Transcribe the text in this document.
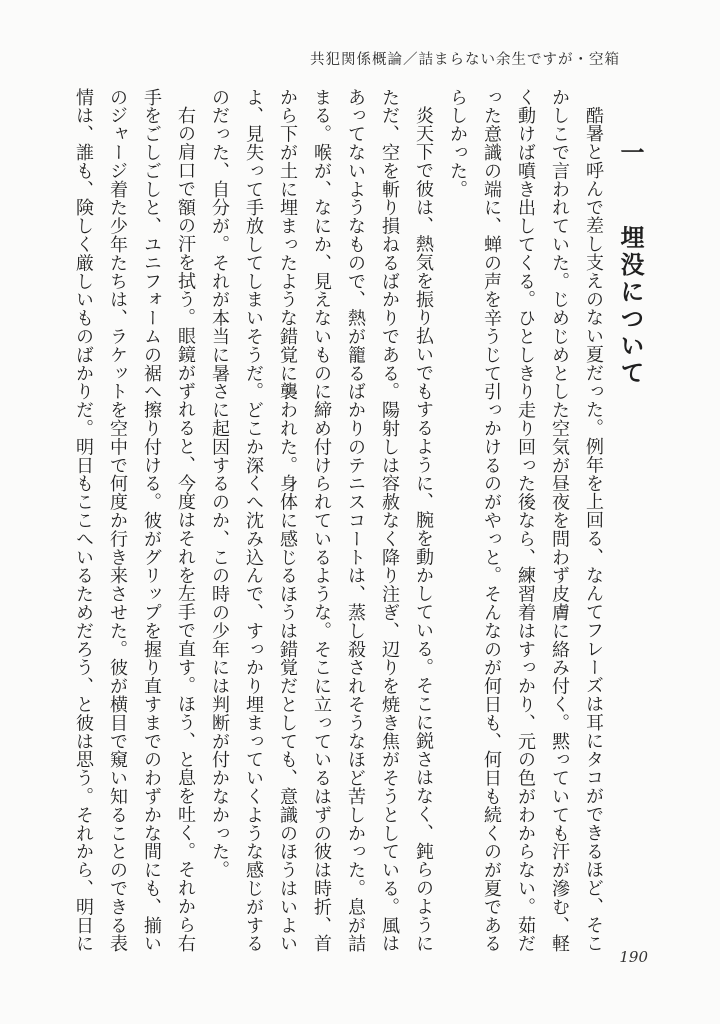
共犯関係概論／詰まらない余生ですが・空箱
一 埋没について

酷暑と呼んで差し支えのない夏だった。例年を上回る、なんてフレーズは耳にタコができるほど、そこかしこで言われていた。じめじめとした空気が昼夜を問わず皮膚に絡み付く。黙っていても汗が滲む、軽く動けば噴き出してくる。ひとしきり走り回った後なら、練習着はすっかり、元の色がわからない。茹だった意識の端に、蝉の声を辛うじて引っかけるのがやっと。そんなのが何日も、何日も続くのが夏であるらしかった。

炎天下で彼は、熱気を振り払いでもするように、腕を動かしている。そこに鋭さはなく、鈍らのようにただ、空を斬り損ねるばかりである。陽射しは容赦なく降り注ぎ、辺りを焼き焦がそうとしている。風はあってないようなもので、熱が籠るばかりのテニスコートは、蒸し殺されそうなほど苦しかった。息が詰まる。喉が、なにか、見えないものに締め付けられているような。そこに立っているはずの彼は時折、首から下が土に埋まったような錯覚に襲われた。身体に感じるほうは錯覚だとしても、意識のほうはいよいよ、見失って手放してしまいそうだ。どこか深くへ沈み込んで、すっかり埋まっていくような感じがするのだった、自分が。それが本当に暑さに起因するのか、この時の少年には判断が付かなかった。

右の肩口で額の汗を拭う。眼鏡がずれると、今度はそれを左手で直す。ほう、と息を吐く。それから右手をごしごしと、ユニフォームの裾へ擦り付ける。彼がグリップを握り直すまでのわずかな間にも、揃いのジャージ着た少年たちは、ラケットを空中で何度か行き来させた。彼が横目で窺い知ることのできる表情は、誰も、険しく厳しいものばかりだ。明日もここへいるためだろう、と彼は思う。それから、明日に

190
